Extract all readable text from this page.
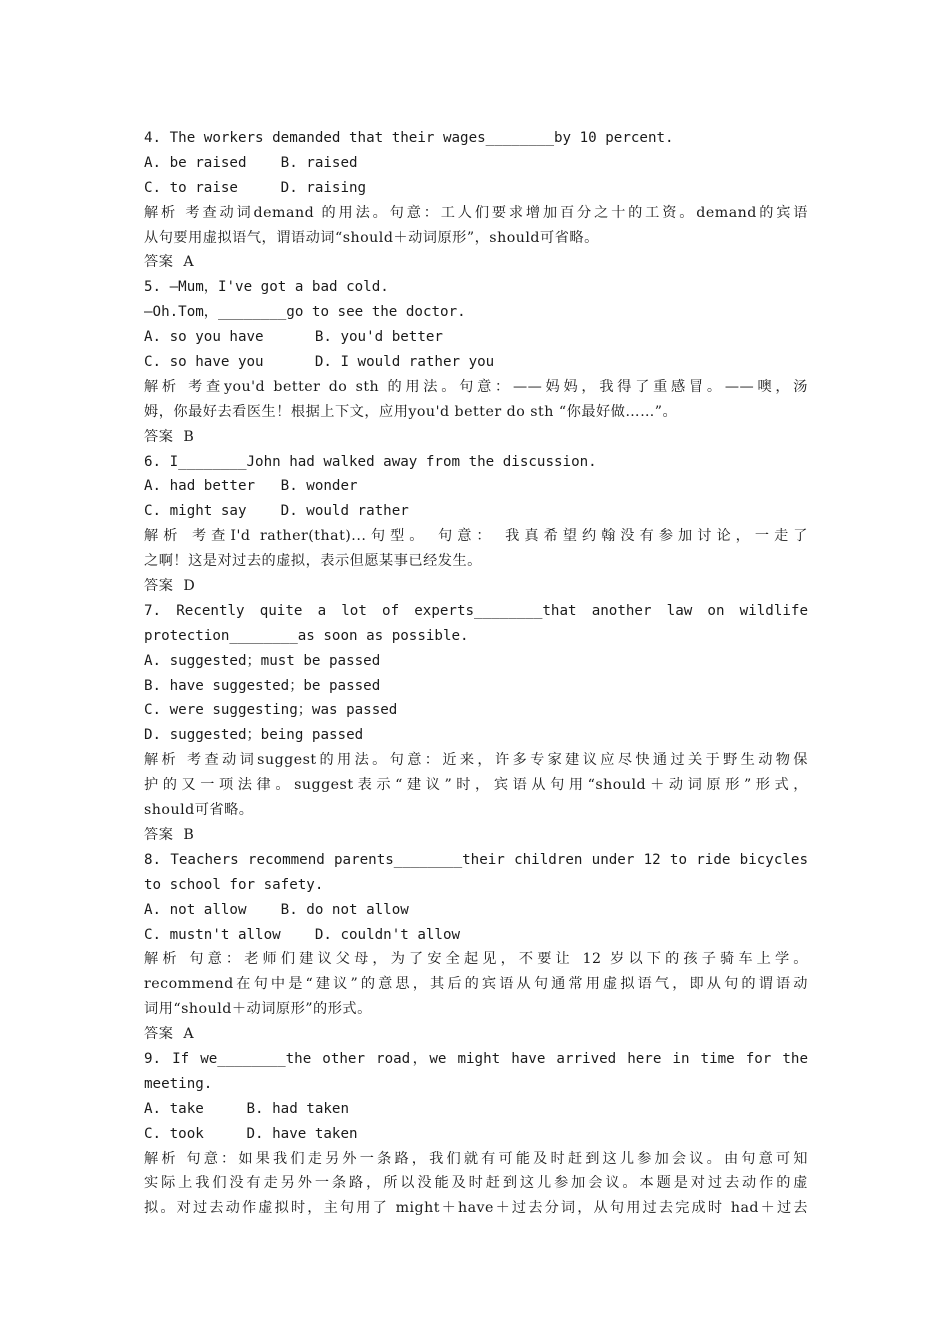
4. The workers demanded that their wages________by 10 percent.
A. be raised    B. raised
C. to raise     D. raising
解析 考查动词demand 的用法。句意：工人们要求增加百分之十的工资。demand的宾语
从句要用虚拟语气，谓语动词“should＋动词原形”，should可省略。
答案  A
5. —Mum，I've got a bad cold.
—Oh.Tom，________go to see the doctor.
A. so you have      B. you'd better
C. so have you      D. I would rather you
解析 考查you'd better do sth 的用法。句意：——妈妈，我得了重感冒。——噢，汤
姆，你最好去看医生！根据上下文，应用you'd better do sth “你最好做……”。
答案  B
6. I________John had walked away from the discussion.
A. had better   B. wonder
C. might say    D. would rather
解析 考查I'd rather(that)...句型。 句意： 我真希望约翰没有参加讨论，一走了
之啊！这是对过去的虚拟，表示但愿某事已经发生。
答案  D
7. Recently quite a lot of experts________that another law on wildlife
protection________as soon as possible.
A. suggested；must be passed
B. have suggested；be passed
C. were suggesting；was passed
D. suggested；being passed
解析 考查动词suggest的用法。句意：近来，许多专家建议应尽快通过关于野生动物保
护的又一项法律。suggest表示“建议”时，宾语从句用“should＋动词原形”形式，
should可省略。
答案  B
8. Teachers recommend parents________their children under 12 to ride bicycles
to school for safety.
A. not allow    B. do not allow
C. mustn't allow    D. couldn't allow
解析 句意：老师们建议父母，为了安全起见，不要让 12 岁以下的孩子骑车上学。
recommend在句中是“建议”的意思，其后的宾语从句通常用虚拟语气，即从句的谓语动
词用“should＋动词原形”的形式。
答案  A
9. If we________the other road，we might have arrived here in time for the
meeting.
A. take     B. had taken
C. took     D. have taken
解析 句意：如果我们走另外一条路，我们就有可能及时赶到这儿参加会议。由句意可知
实际上我们没有走另外一条路，所以没能及时赶到这儿参加会议。本题是对过去动作的虚
拟。对过去动作虚拟时，主句用了 might＋have＋过去分词，从句用过去完成时 had＋过去
